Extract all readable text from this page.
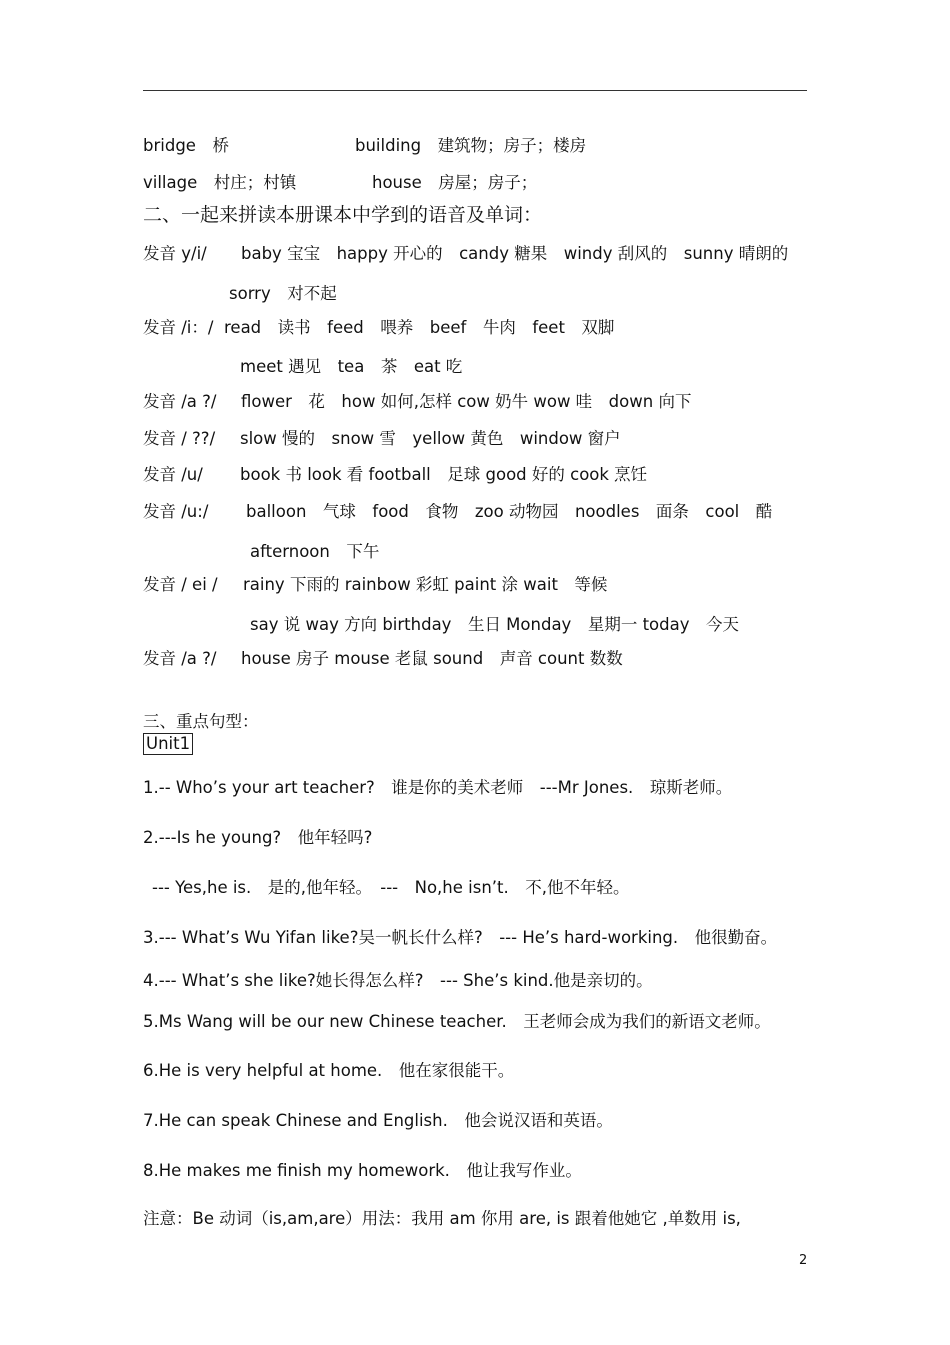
bridge　桥	building　建筑物；房子；楼房
village　村庄；村镇	house　房屋；房子；
二、一起来拼读本册课本中学到的语音及单词：
发音 y/i/ baby 宝宝　happy 开心的　candy 糖果　windy 刮风的　sunny 晴朗的
sorry　对不起
发音 /i：/ read　读书　feed　喂养　beef　牛肉　feet　双脚
meet 遇见　tea　茶　eat 吃
发音 /a ?/ flower　花　how 如何,怎样 cow 奶牛 wow 哇　down 向下
发音 / ??/ slow 慢的　snow 雪　yellow 黄色　window 窗户
发音 /u/ book 书 look 看 football　足球 good 好的 cook 烹饪
发音 /u:/ balloon　气球　food　食物　zoo 动物园　noodles　面条　cool　酷
afternoon　下午
发音 / ei / rainy 下雨的 rainbow 彩虹 paint 涂 wait　等候
say 说 way 方向 birthday　生日 Monday　星期一 today　今天
发音 /a ?/ house 房子 mouse 老鼠 sound　声音 count 数数
三、重点句型：
Unit1
1.-- Who’s your art teacher?　谁是你的美术老师　---Mr Jones.　琼斯老师。
2.---Is he young?　他年轻吗?
--- Yes,he is.　是的,他年轻。　---　No,he isn’t.　不,他不年轻。
3.--- What’s Wu Yifan like?吴一帆长什么样?　--- He’s hard-working.　他很勤奋。
4.--- What’s she like?她长得怎么样?　--- She’s kind.他是亲切的。
5.Ms Wang will be our new Chinese teacher.　王老师会成为我们的新语文老师。
6.He is very helpful at home.　他在家很能干。
7.He can speak Chinese and English.　他会说汉语和英语。
8.He makes me finish my homework.　他让我写作业。
注意：Be 动词（is,am,are）用法：我用 am 你用 are, is 跟着他她它 ,单数用 is,
2
